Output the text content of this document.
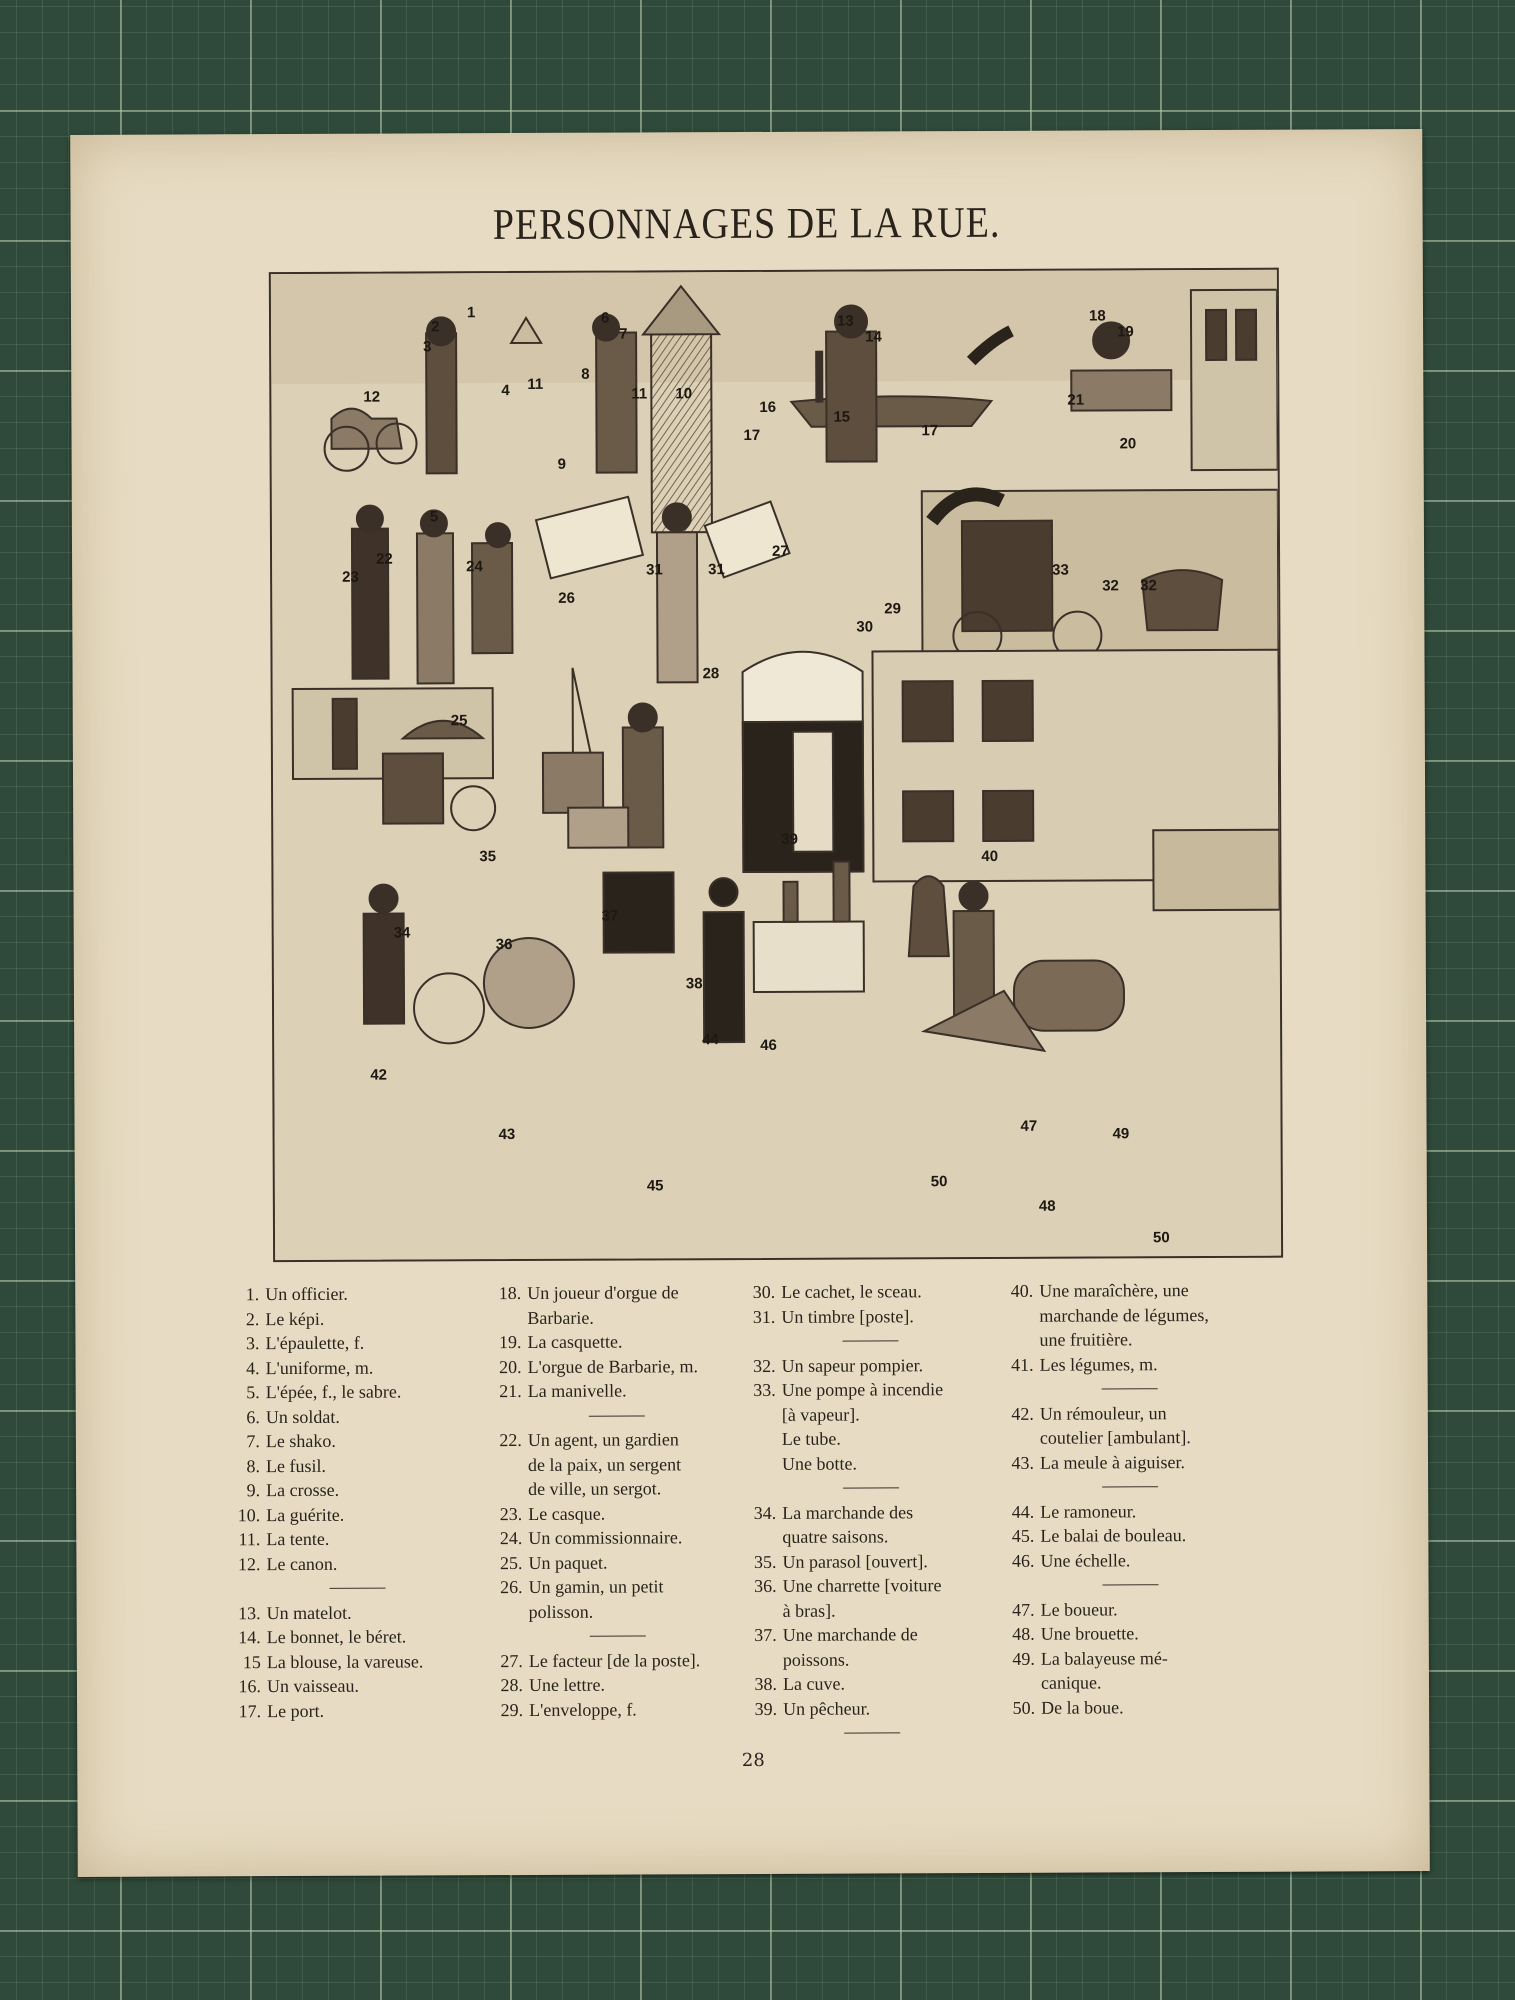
PERSONNAGES DE LA RUE.
1
2
3
4
5
6
7
8
9
10
11
11
12
13
14
15
16
17	17
18
19
20
21
22
23
24
25
26
27
28
29
30
31	31
32 32
33
34
35
36
37
38
39
40
42
43
44
45
46
47
48
49
50
50
1. Un officier.
2. Le képi.
3. L'épaulette, f.
4. L'uniforme, m.
5. L'épée, f., le sabre.
6. Un soldat.
7. Le shako.
8. Le fusil.
9. La crosse.
10. La guérite.
11. La tente.
12. Le canon.
13. Un matelot.
14. Le bonnet, le béret.
15 La blouse, la vareuse.
16. Un vaisseau.
17. Le port.
18. Un joueur d'orgue de
Barbarie.
19. La casquette.
20. L'orgue de Barbarie, m.
21. La manivelle.
22. Un agent, un gardien
de la paix, un sergent
de ville, un sergot.
23. Le casque.
24. Un commissionnaire.
25. Un paquet.
26. Un gamin, un petit
polisson.
27. Le facteur [de la poste].
28. Une lettre.
29. L'enveloppe, f.
30. Le cachet, le sceau.
31. Un timbre [poste].
32. Un sapeur pompier.
33. Une pompe à incendie
[à vapeur].
Le tube.
Une botte.
34. La marchande des
quatre saisons.
35. Un parasol [ouvert].
36. Une charrette [voiture
à bras].
37. Une marchande de
poissons.
38. La cuve.
39. Un pêcheur.
40. Une maraîchère, une
marchande de légumes,
une fruitière.
41. Les légumes, m.
42. Un rémouleur, un
coutelier [ambulant].
43. La meule à aiguiser.
44. Le ramoneur.
45. Le balai de bouleau.
46. Une échelle.
47. Le boueur.
48. Une brouette.
49. La balayeuse mé-
canique.
50. De la boue.
28
